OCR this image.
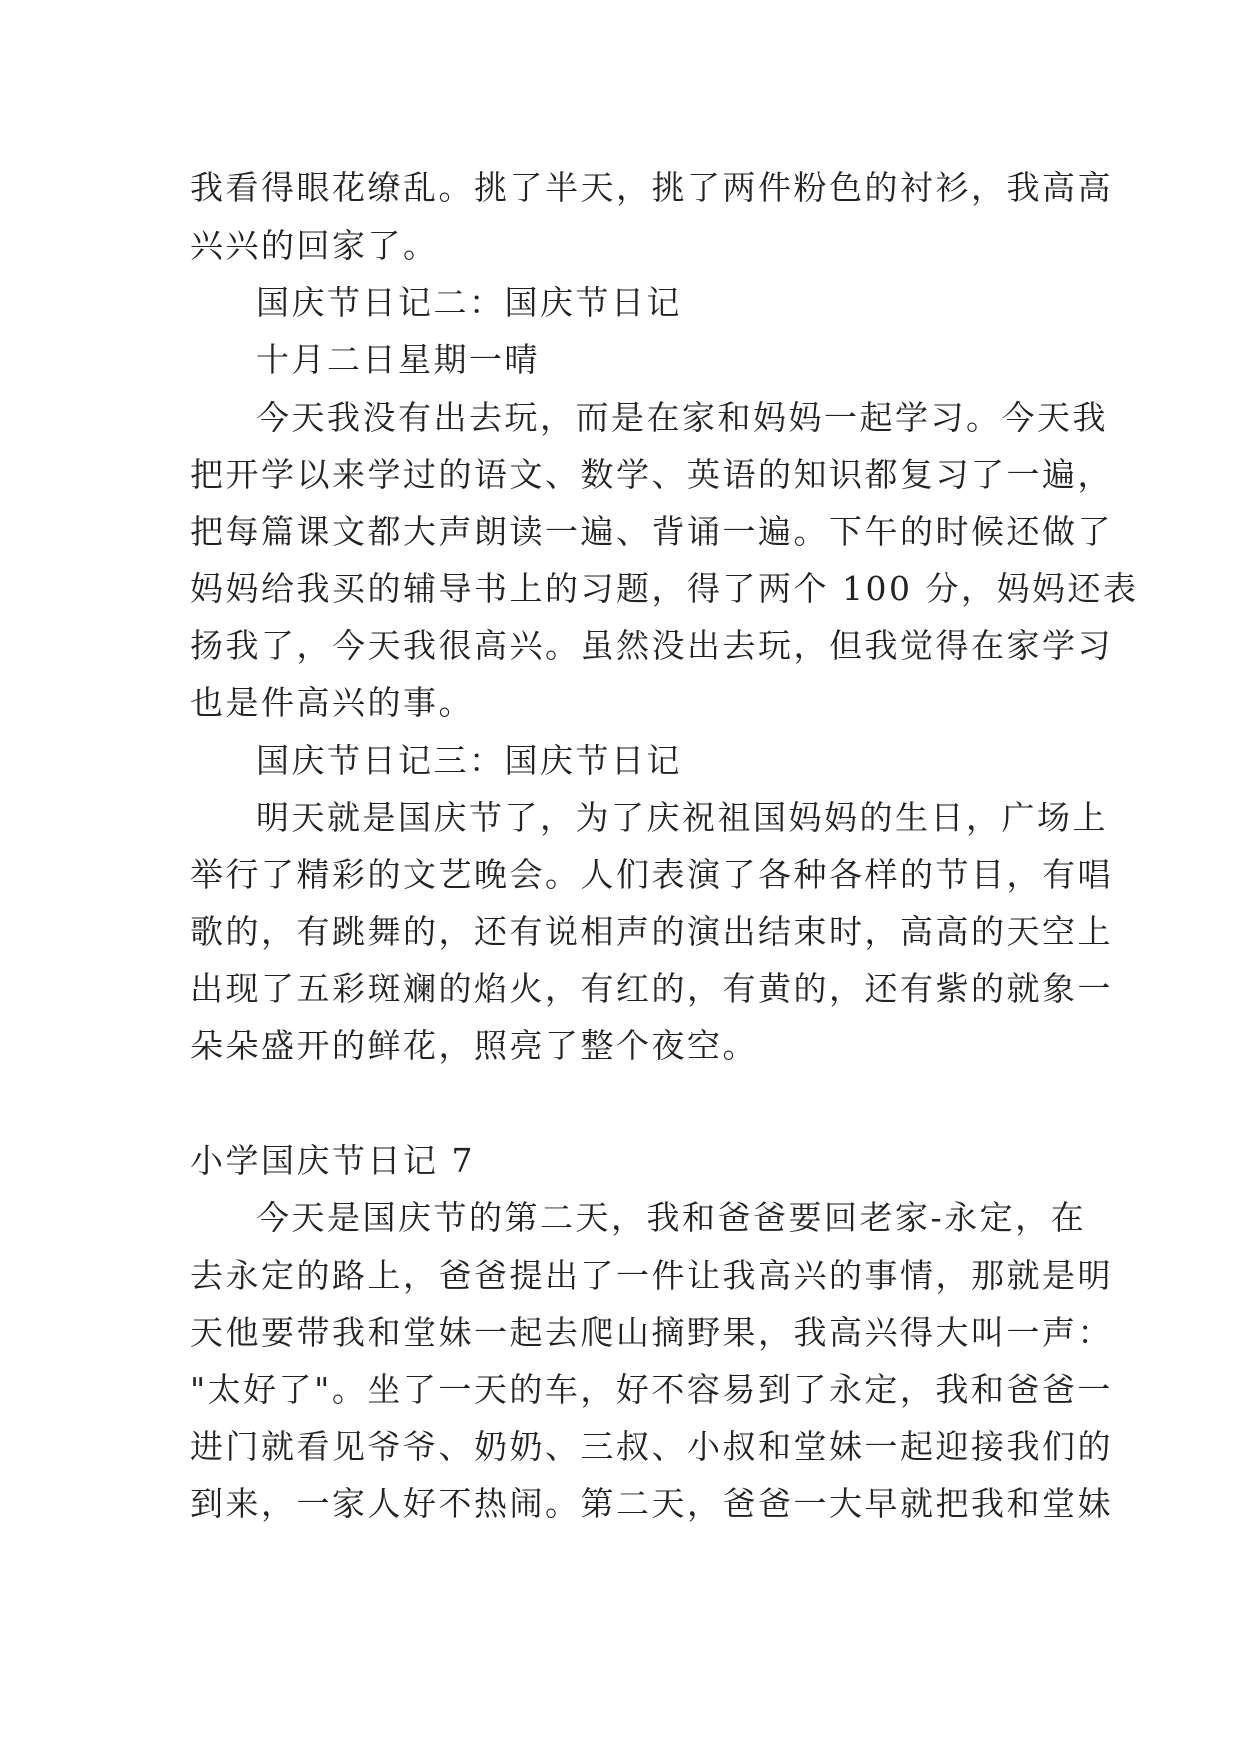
我看得眼花缭乱。挑了半天，挑了两件粉色的衬衫，我高高
兴兴的回家了。
国庆节日记二：国庆节日记
十月二日星期一晴
今天我没有出去玩，而是在家和妈妈一起学习。今天我
把开学以来学过的语文、数学、英语的知识都复习了一遍，
把每篇课文都大声朗读一遍、背诵一遍。下午的时候还做了
妈妈给我买的辅导书上的习题，得了两个 100 分，妈妈还表
扬我了，今天我很高兴。虽然没出去玩，但我觉得在家学习
也是件高兴的事。
国庆节日记三：国庆节日记
明天就是国庆节了，为了庆祝祖国妈妈的生日，广场上
举行了精彩的文艺晚会。人们表演了各种各样的节目，有唱
歌的，有跳舞的，还有说相声的演出结束时，高高的天空上
出现了五彩斑斓的焰火，有红的，有黄的，还有紫的就象一
朵朵盛开的鲜花，照亮了整个夜空。
小学国庆节日记 7
今天是国庆节的第二天，我和爸爸要回老家-永定，在
去永定的路上，爸爸提出了一件让我高兴的事情，那就是明
天他要带我和堂妹一起去爬山摘野果，我高兴得大叫一声：
"太好了"。坐了一天的车，好不容易到了永定，我和爸爸一
进门就看见爷爷、奶奶、三叔、小叔和堂妹一起迎接我们的
到来，一家人好不热闹。第二天，爸爸一大早就把我和堂妹
